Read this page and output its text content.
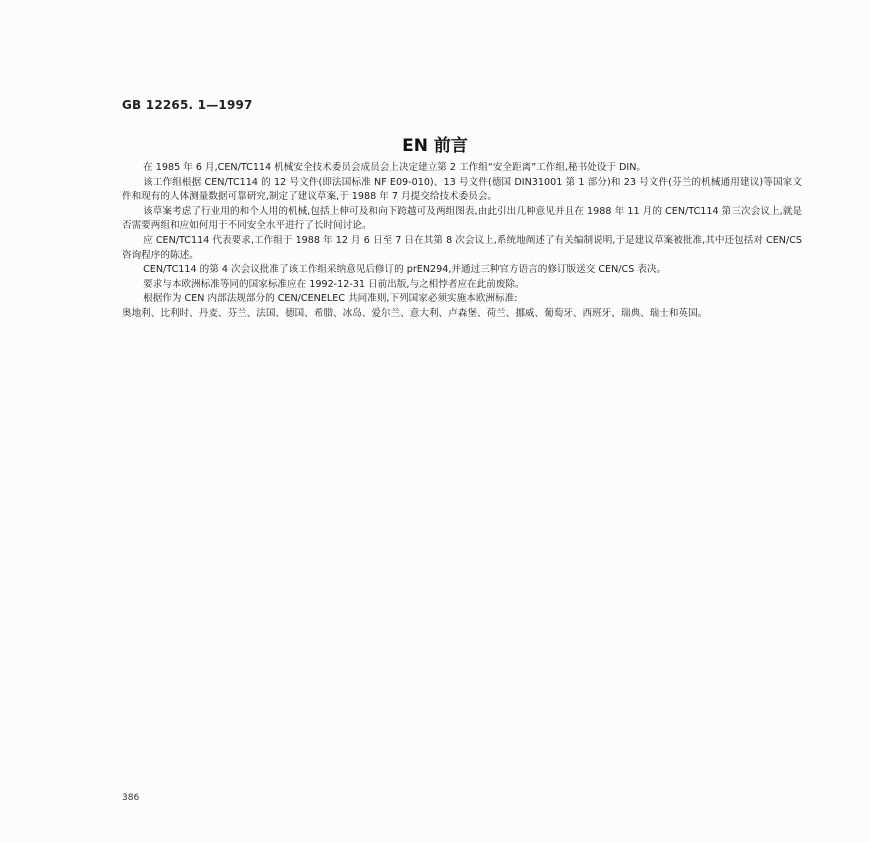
GB 12265. 1—1997
EN 前言

在 1985 年 6 月,CEN/TC114 机械安全技术委员会成员会上决定建立第 2 工作组“安全距离”工作组,秘书处设于 DIN。

该工作组根据 CEN/TC114 的 12 号文件(即法国标准 NF E09-010)、13 号文件(德国 DIN31001 第 1 部分)和 23 号文件(芬兰的机械通用建议)等国家文件和现有的人体测量数据可靠研究,制定了建议草案,于 1988 年 7 月提交给技术委员会。

该草案考虑了行业用的和个人用的机械,包括上伸可及和向下跨越可及两组图表,由此引出几种意见并且在 1988 年 11 月的 CEN/TC114 第三次会议上,就是否需要两组和应如何用于不同安全水平进行了长时间讨论。

应 CEN/TC114 代表要求,工作组于 1988 年 12 月 6 日至 7 日在其第 8 次会议上,系统地阐述了有关编制说明,于是建议草案被批准,其中还包括对 CEN/CS 咨询程序的陈述。

CEN/TC114 的第 4 次会议批准了该工作组采纳意见后修订的 prEN294,并通过三种官方语言的修订版送交 CEN/CS 表决。

要求与本欧洲标准等同的国家标准应在 1992-12-31 日前出版,与之相悖者应在此前废除。

根据作为 CEN 内部法规部分的 CEN/CENELEC 共同准则,下列国家必须实施本欧洲标准:

奥地利、比利时、丹麦、芬兰、法国、德国、希腊、冰岛、爱尔兰、意大利、卢森堡、荷兰、挪威、葡萄牙、西班牙、瑞典、瑞士和英国。

386
